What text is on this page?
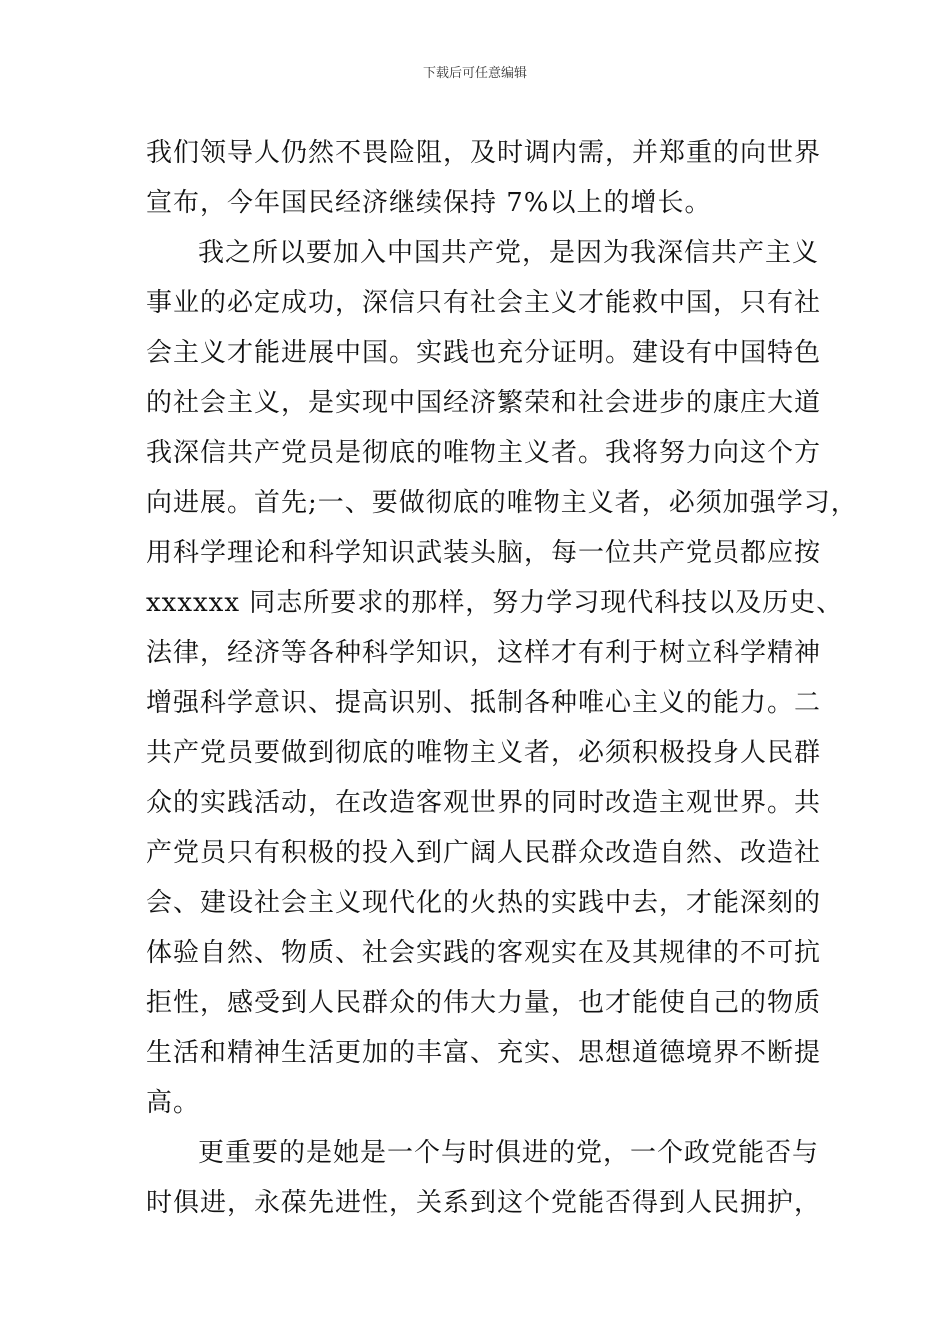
下载后可任意编辑
我们领导人仍然不畏险阻，及时调内需，并郑重的向世界
宣布，今年国民经济继续保持 7%以上的增长。
我之所以要加入中国共产党，是因为我深信共产主义
事业的必定成功，深信只有社会主义才能救中国，只有社
会主义才能进展中国。实践也充分证明。建设有中国特色
的社会主义，是实现中国经济繁荣和社会进步的康庄大道
我深信共产党员是彻底的唯物主义者。我将努力向这个方
向进展。首先;一、要做彻底的唯物主义者，必须加强学习，
用科学理论和科学知识武装头脑，每一位共产党员都应按
xxxxxx 同志所要求的那样，努力学习现代科技以及历史、
法律，经济等各种科学知识，这样才有利于树立科学精神
增强科学意识、提高识别、抵制各种唯心主义的能力。二
共产党员要做到彻底的唯物主义者，必须积极投身人民群
众的实践活动，在改造客观世界的同时改造主观世界。共
产党员只有积极的投入到广阔人民群众改造自然、改造社
会、建设社会主义现代化的火热的实践中去，才能深刻的
体验自然、物质、社会实践的客观实在及其规律的不可抗
拒性，感受到人民群众的伟大力量，也才能使自己的物质
生活和精神生活更加的丰富、充实、思想道德境界不断提
高。
更重要的是她是一个与时俱进的党，一个政党能否与
时俱进，永葆先进性，关系到这个党能否得到人民拥护，
